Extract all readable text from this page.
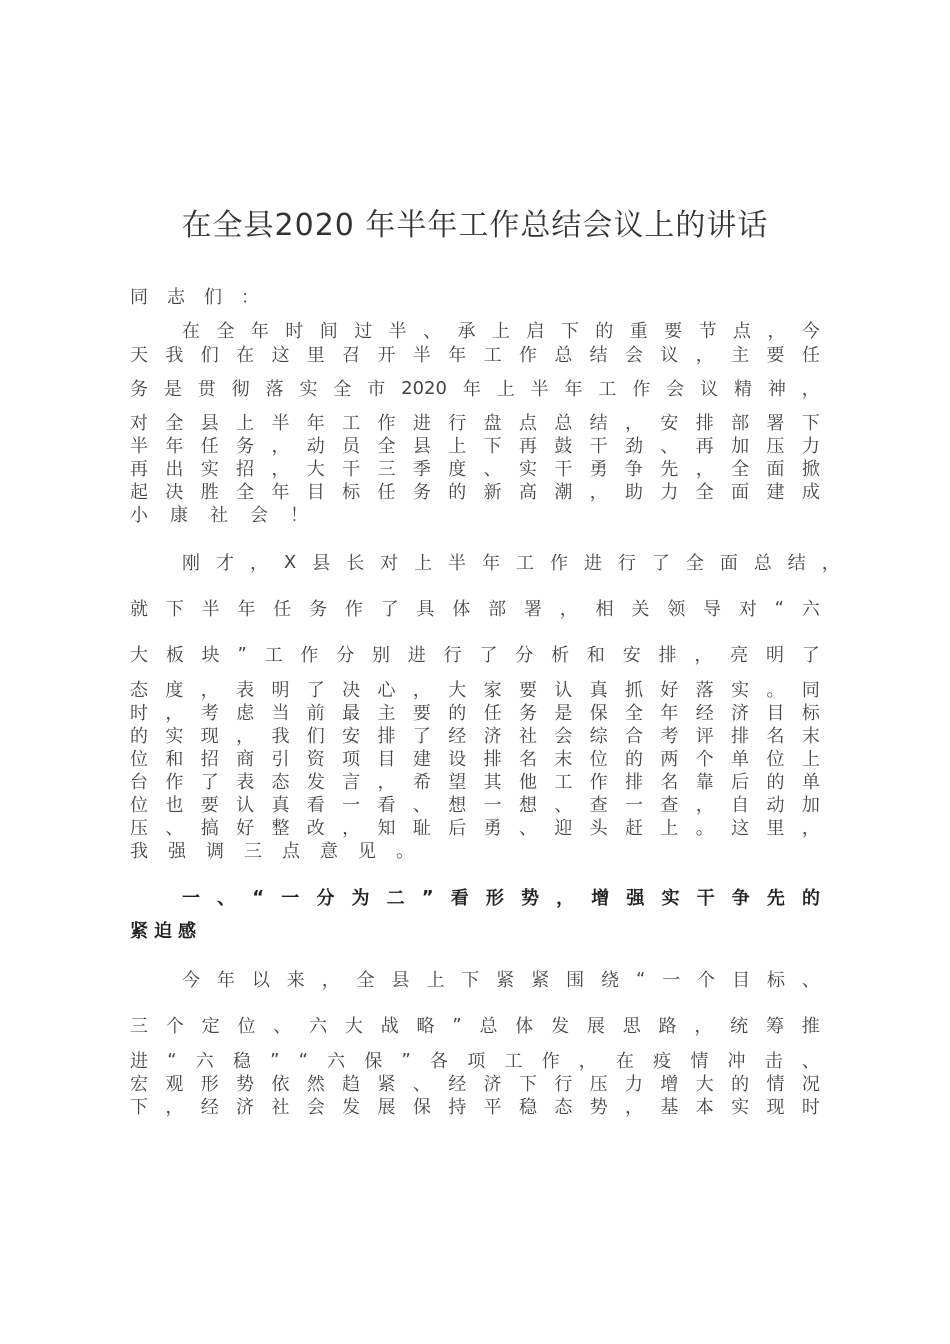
在全县2020 年半年工作总结会议上的讲话
同 志 们 ：
在 全 年 时 间 过 半 、 承 上 启 下 的 重 要 节 点 ， 今
天 我 们 在 这 里 召 开 半 年 工 作 总 结 会 议 ， 主 要 任
务 是 贯 彻 落 实 全 市 2020 年 上 半 年 工 作 会 议 精 神 ，
对 全 县 上 半 年 工 作 进 行 盘 点 总 结 ， 安 排 部 署 下
半 年 任 务 ， 动 员 全 县 上 下 再 鼓 干 劲 、 再 加 压 力
再 出 实 招 ， 大 干 三 季 度 、 实 干 勇 争 先 ， 全 面 掀
起 决 胜 全 年 目 标 任 务 的 新 高 潮 ， 助 力 全 面 建 成
小 康 社 会 ！
刚 才 ， X 县 长 对 上 半 年 工 作 进 行 了 全 面 总 结 ，
就 下 半 年 任 务 作 了 具 体 部 署 ， 相 关 领 导 对 “ 六
大 板 块 ” 工 作 分 别 进 行 了 分 析 和 安 排 ， 亮 明 了
态 度 ， 表 明 了 决 心 ， 大 家 要 认 真 抓 好 落 实 。 同
时 ， 考 虑 当 前 最 主 要 的 任 务 是 保 全 年 经 济 目 标
的 实 现 ， 我 们 安 排 了 经 济 社 会 综 合 考 评 排 名 末
位 和 招 商 引 资 项 目 建 设 排 名 末 位 的 两 个 单 位 上
台 作 了 表 态 发 言 ， 希 望 其 他 工 作 排 名 靠 后 的 单
位 也 要 认 真 看 一 看 、 想 一 想 、 查 一 查 ， 自 动 加
压 、 搞 好 整 改 ， 知 耻 后 勇 、 迎 头 赶 上 。 这 里 ，
我 强 调 三 点 意 见 。
一 、 “ 一 分 为 二 ” 看 形 势 ， 增 强 实 干 争 先 的
紧 迫 感
今 年 以 来 ， 全 县 上 下 紧 紧 围 绕 “ 一 个 目 标 、
三 个 定 位 、 六 大 战 略 ” 总 体 发 展 思 路 ， 统 筹 推
进 “ 六 稳 ” “ 六 保 ” 各 项 工 作 ， 在 疫 情 冲 击 、
宏 观 形 势 依 然 趋 紧 、 经 济 下 行 压 力 增 大 的 情 况
下 ， 经 济 社 会 发 展 保 持 平 稳 态 势 ， 基 本 实 现 时
